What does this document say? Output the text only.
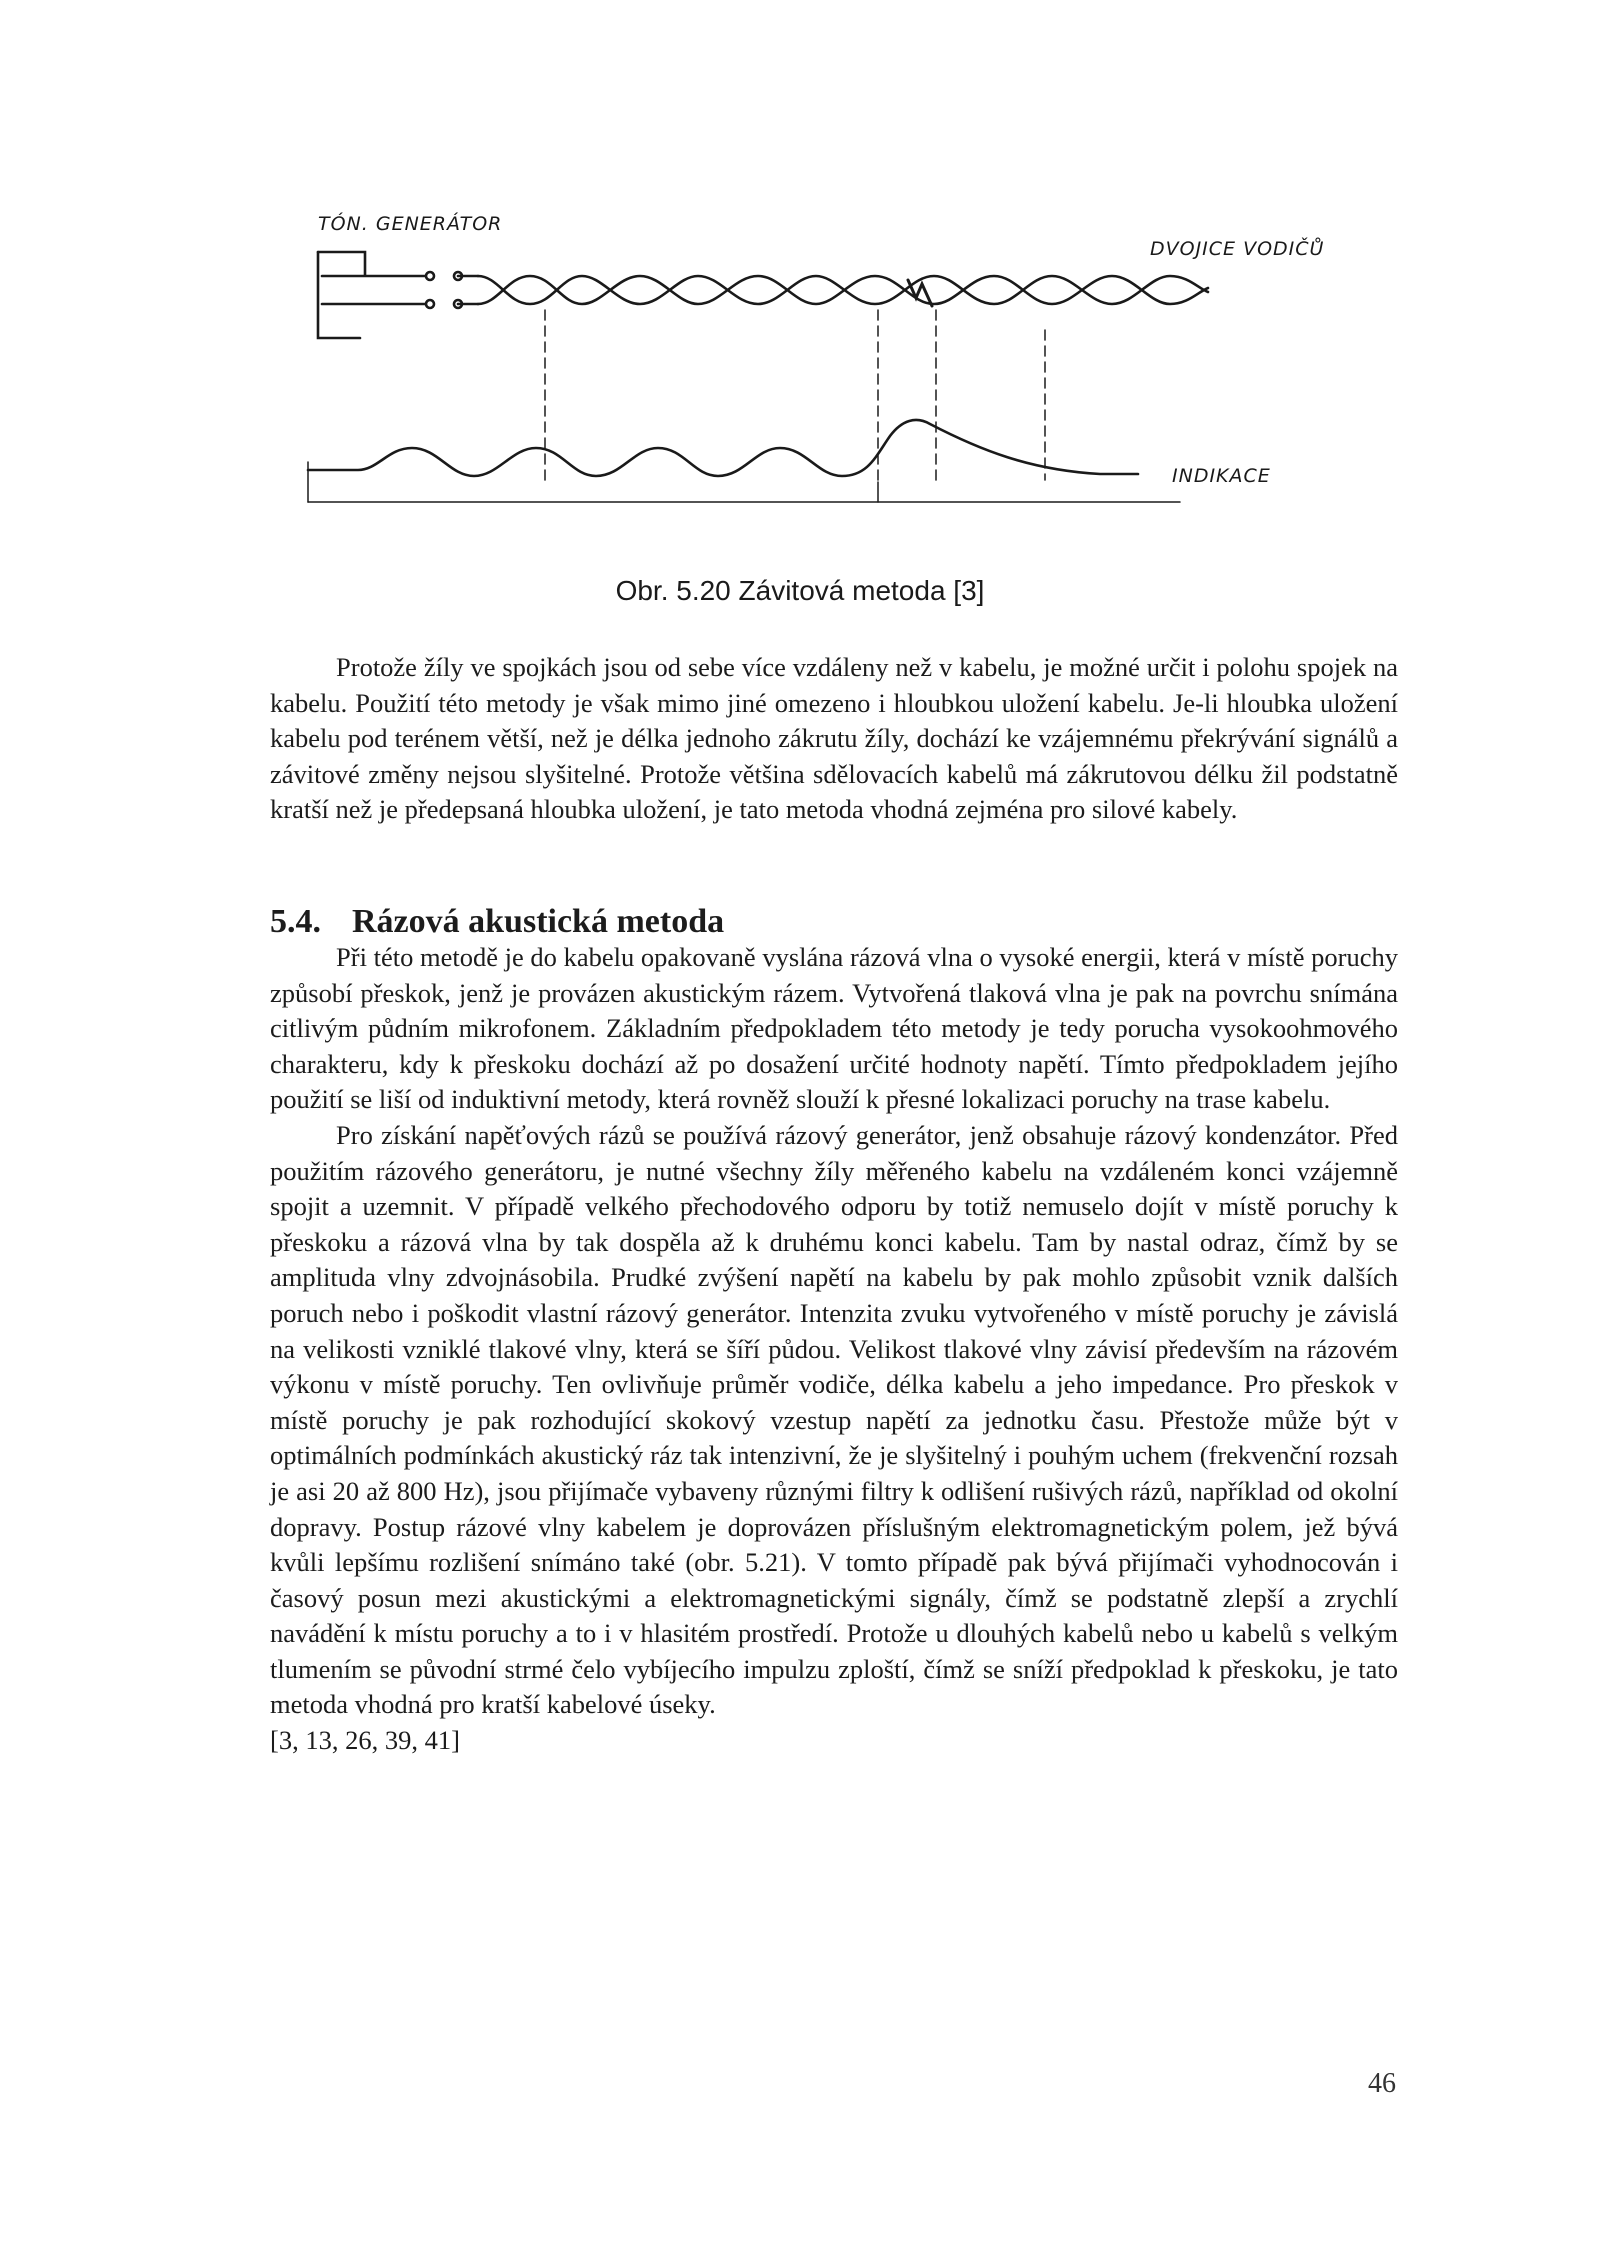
TÓN. GENERÁTOR
DVOJICE VODIČŮ
INDIKACE
Obr. 5.20 Závitová metoda [3]

Protože žíly ve spojkách jsou od sebe více vzdáleny než v kabelu, je možné určit i polohu spojek na kabelu. Použití této metody je však mimo jiné omezeno i hloubkou uložení kabelu. Je-li hloubka uložení kabelu pod terénem větší, než je délka jednoho zákrutu žíly, dochází ke vzájemnému překrývání signálů a závitové změny nejsou slyšitelné. Protože většina sdělovacích kabelů má zákrutovou délku žil podstatně kratší než je předepsaná hloubka uložení, je tato metoda vhodná zejména pro silové kabely.

5.4. Rázová akustická metoda

Při této metodě je do kabelu opakovaně vyslána rázová vlna o vysoké energii, která v místě poruchy způsobí přeskok, jenž je provázen akustickým rázem. Vytvořená tlaková vlna je pak na povrchu snímána citlivým půdním mikrofonem. Základním předpokladem této metody je tedy porucha vysokoohmového charakteru, kdy k přeskoku dochází až po dosažení určité hodnoty napětí. Tímto předpokladem jejího použití se liší od induktivní metody, která rovněž slouží k přesné lokalizaci poruchy na trase kabelu.

Pro získání napěťových rázů se používá rázový generátor, jenž obsahuje rázový kondenzátor. Před použitím rázového generátoru, je nutné všechny žíly měřeného kabelu na vzdáleném konci vzájemně spojit a uzemnit. V případě velkého přechodového odporu by totiž nemuselo dojít v místě poruchy k přeskoku a rázová vlna by tak dospěla až k druhému konci kabelu. Tam by nastal odraz, čímž by se amplituda vlny zdvojnásobila. Prudké zvýšení napětí na kabelu by pak mohlo způsobit vznik dalších poruch nebo i poškodit vlastní rázový generátor. Intenzita zvuku vytvořeného v místě poruchy je závislá na velikosti vzniklé tlakové vlny, která se šíří půdou. Velikost tlakové vlny závisí především na rázovém výkonu v místě poruchy. Ten ovlivňuje průměr vodiče, délka kabelu a jeho impedance. Pro přeskok v místě poruchy je pak rozhodující skokový vzestup napětí za jednotku času. Přestože může být v optimálních podmínkách akustický ráz tak intenzivní, že je slyšitelný i pouhým uchem (frekvenční rozsah je asi 20 až 800 Hz), jsou přijímače vybaveny různými filtry k odlišení rušivých rázů, například od okolní dopravy. Postup rázové vlny kabelem je doprovázen příslušným elektromagnetickým polem, jež bývá kvůli lepšímu rozlišení snímáno také (obr. 5.21). V tomto případě pak bývá přijímači vyhodnocován i časový posun mezi akustickými a elektromagnetickými signály, čímž se podstatně zlepší a zrychlí navádění k místu poruchy a to i v hlasitém prostředí. Protože u dlouhých kabelů nebo u kabelů s velkým tlumením se původní strmé čelo vybíjecího impulzu zploští, čímž se sníží předpoklad k přeskoku, je tato metoda vhodná pro kratší kabelové úseky.

[3, 13, 26, 39, 41]

46
